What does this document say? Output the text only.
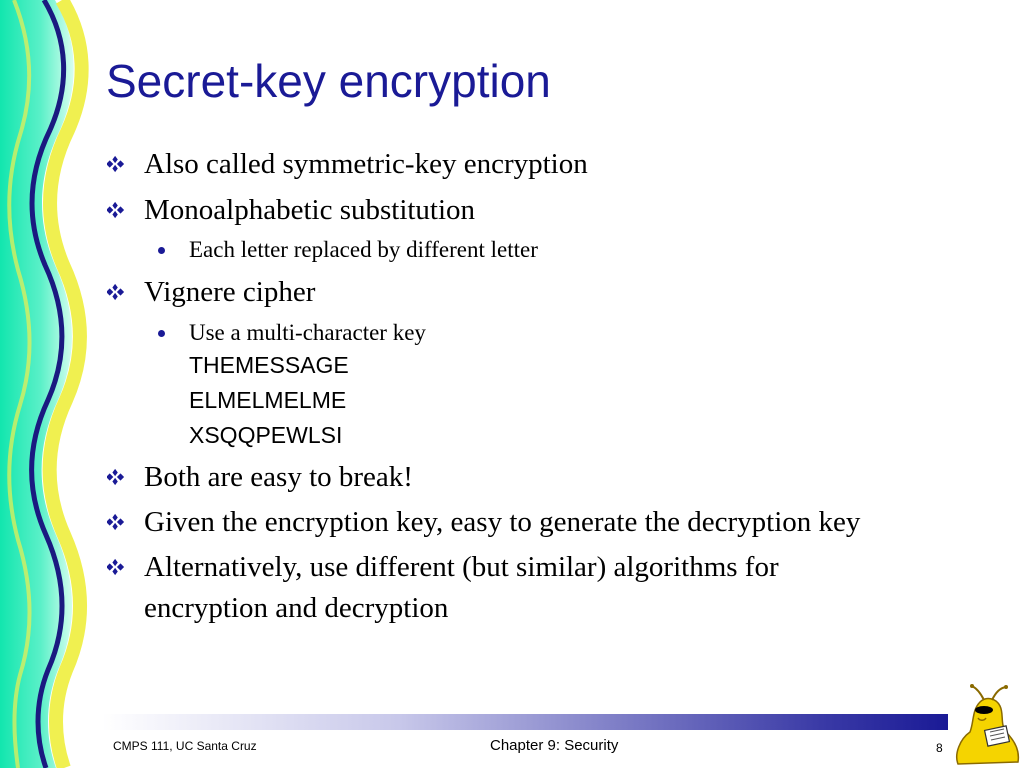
Secret-key encryption

Also called symmetric-key encryption

Monoalphabetic substitution

Each letter replaced by different letter

Vignere cipher

Use a multi-character key

THEMESSAGE

ELMELMELME

XSQQPEWLSI

Both are easy to break!

Given the encryption key, easy to generate the decryption key

Alternatively, use different (but similar) algorithms for

encryption and decryption

CMPS 111, UC Santa Cruz	Chapter 9: Security	8
